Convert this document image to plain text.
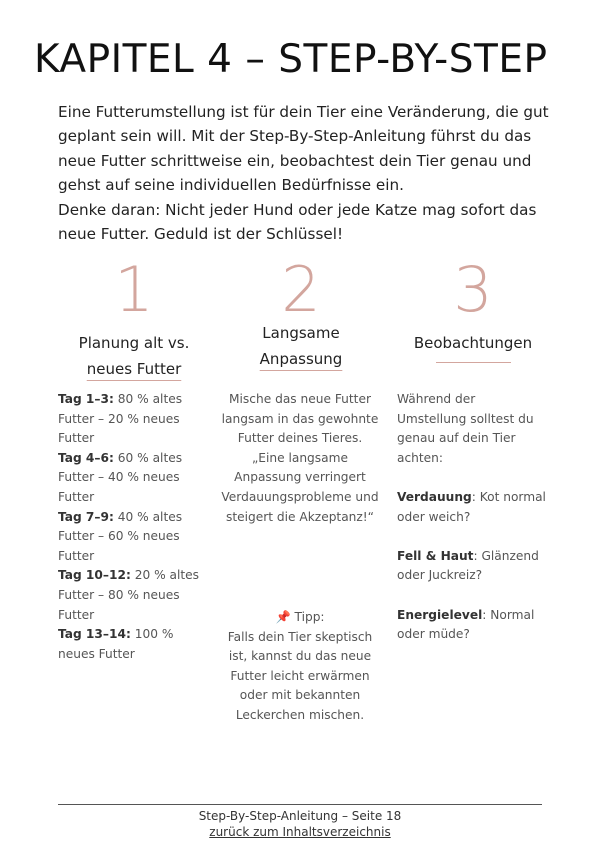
KAPITEL 4 – STEP-BY-STEP

Eine Futterumstellung ist für dein Tier eine Veränderung, die gut geplant sein will. Mit der Step-By-Step-Anleitung führst du das neue Futter schrittweise ein, beobachtest dein Tier genau und gehst auf seine individuellen Bedürfnisse ein.

Denke daran: Nicht jeder Hund oder jede Katze mag sofort das neue Futter. Geduld ist der Schlüssel!

1
Planung alt vs.
neues Futter
2
Langsame
Anpassung
3
Beobachtungen
Tag 1–3: 80 % altes Futter – 20 % neues Futter
Tag 4–6: 60 % altes Futter – 40 % neues Futter
Tag 7–9: 40 % altes Futter – 60 % neues Futter
Tag 10–12: 20 % altes Futter – 80 % neues Futter
Tag 13–14: 100 % neues Futter
Mische das neue Futter langsam in das gewohnte Futter deines Tieres. „Eine langsame Anpassung verringert Verdauungsprobleme und steigert die Akzeptanz!“
📌 Tipp:
Falls dein Tier skeptisch ist, kannst du das neue Futter leicht erwärmen oder mit bekannten Leckerchen mischen.

Während der Umstellung solltest du genau auf dein Tier achten:

Verdauung: Kot normal oder weich?

Fell & Haut: Glänzend oder Juckreiz?

Energielevel: Normal oder müde?

Step-By-Step-Anleitung – Seite 18
zurück zum Inhaltsverzeichnis
